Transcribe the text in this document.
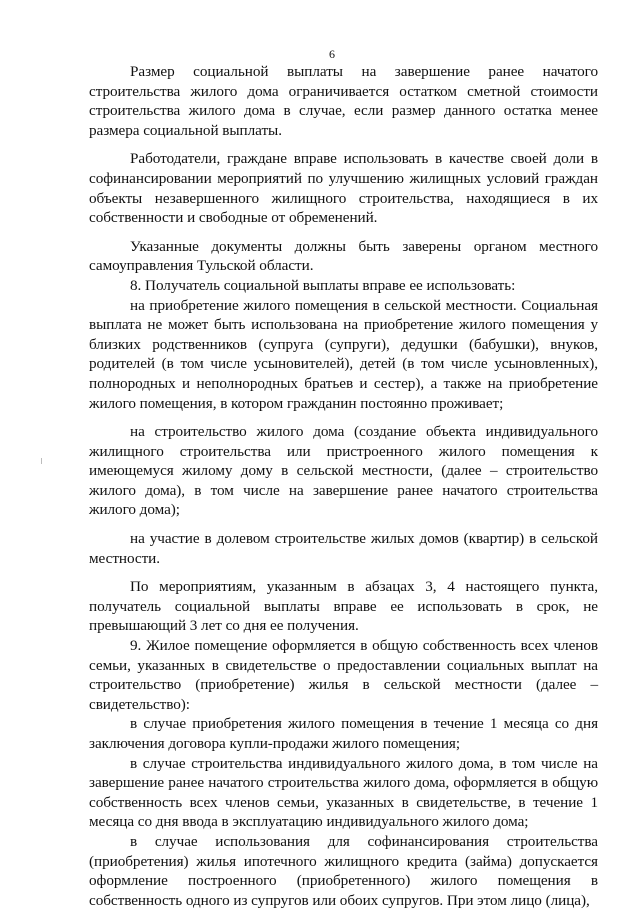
6

Размер социальной выплаты на завершение ранее начатого строительства жилого дома ограничивается остатком сметной стоимости строительства жилого дома в случае, если размер данного остатка менее размера социальной выплаты.

Работодатели, граждане вправе использовать в качестве своей доли в софинансировании мероприятий по улучшению жилищных условий граждан объекты незавершенного жилищного строительства, находящиеся в их собственности и свободные от обременений.

Указанные документы должны быть заверены органом местного самоуправления Тульской области.

8. Получатель социальной выплаты вправе ее использовать:

на приобретение жилого помещения в сельской местности. Социальная выплата не может быть использована на приобретение жилого помещения у близких родственников (супруга (супруги), дедушки (бабушки), внуков, родителей (в том числе усыновителей), детей (в том числе усыновленных), полнородных и неполнородных братьев и сестер), а также на приобретение жилого помещения, в котором гражданин постоянно проживает;

на строительство жилого дома (создание объекта индивидуального жилищного строительства или пристроенного жилого помещения к имеющемуся жилому дому в сельской местности, (далее – строительство жилого дома), в том числе на завершение ранее начатого строительства жилого дома);

на участие в долевом строительстве жилых домов (квартир) в сельской местности.

По мероприятиям, указанным в абзацах 3, 4 настоящего пункта, получатель социальной выплаты вправе ее использовать в срок, не превышающий 3 лет со дня ее получения.

9. Жилое помещение оформляется в общую собственность всех членов семьи, указанных в свидетельстве о предоставлении социальных выплат на строительство (приобретение) жилья в сельской местности (далее – свидетельство):

в случае приобретения жилого помещения в течение 1 месяца со дня заключения договора купли-продажи жилого помещения;

в случае строительства индивидуального жилого дома, в том числе на завершение ранее начатого строительства жилого дома, оформляется в общую собственность всех членов семьи, указанных в свидетельстве, в течение 1 месяца со дня ввода в эксплуатацию индивидуального жилого дома;

в случае использования для софинансирования строительства (приобретения) жилья ипотечного жилищного кредита (займа) допускается оформление построенного (приобретенного) жилого помещения в собственность одного из супругов или обоих супругов. При этом лицо (лица),
